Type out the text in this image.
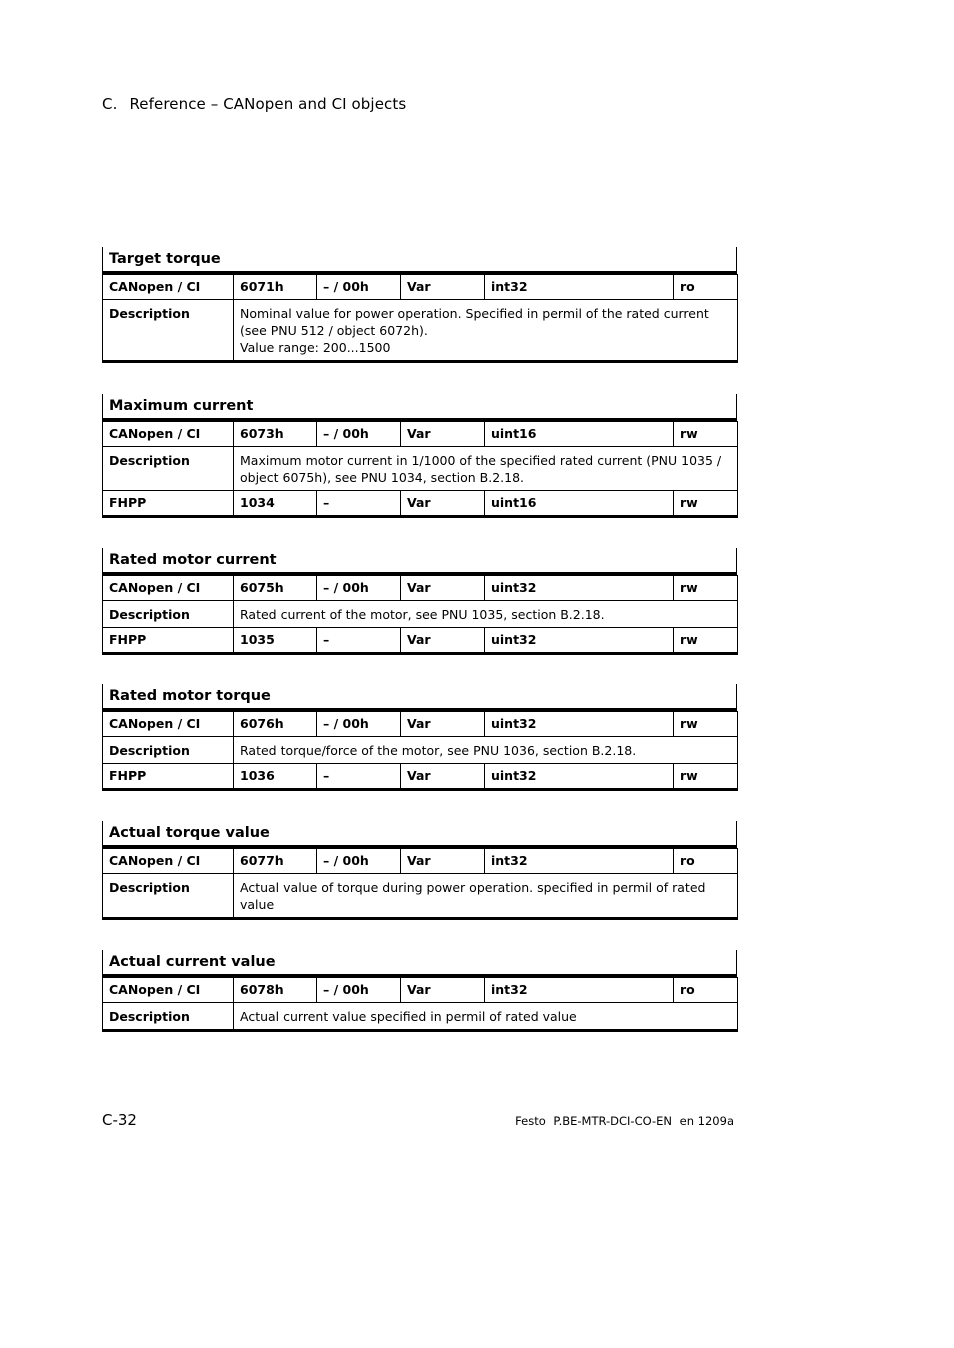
C. Reference – CANopen and CI objects
Target torque
CANopen / CI	6071h	– / 00h	Var	int32	ro
Description	Nominal value for power operation. Specified in permil of the rated current
(see PNU 512 / object 6072h).
Value range: 200...1500				
Maximum current
CANopen / CI	6073h	– / 00h	Var	uint16	rw
Description	Maximum motor current in 1/1000 of the specified rated current (PNU 1035 /
object 6075h), see PNU 1034, section B.2.18.				

FHPP	1034	–	Var	uint16	rw
Rated motor current
CANopen / CI	6075h	– / 00h	Var	uint32	rw
Description	Rated current of the motor, see PNU 1035, section B.2.18.				

FHPP	1035	–	Var	uint32	rw
Rated motor torque
CANopen / CI	6076h	– / 00h	Var	uint32	rw
Description	Rated torque/force of the motor, see PNU 1036, section B.2.18.				

FHPP	1036	–	Var	uint32	rw
Actual torque value
CANopen / CI	6077h	– / 00h	Var	int32	ro
Description	Actual value of torque during power operation. specified in permil of rated
value				
Actual current value
CANopen / CI	6078h	– / 00h	Var	int32	ro
Description	Actual current value specified in permil of rated value				
C-32	Festo P.BE-MTR-DCI-CO-EN en 1209a
